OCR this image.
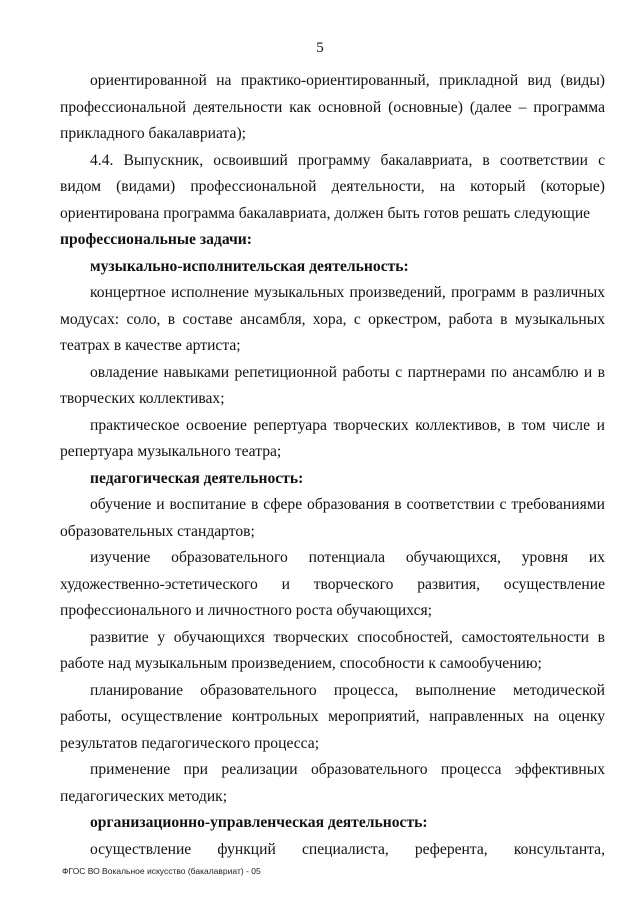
5

ориентированной на практико-ориентированный, прикладной вид (виды) профессиональной деятельности как основной (основные) (далее – программа прикладного бакалавриата);

4.4. Выпускник, освоивший программу бакалавриата, в соответствии с видом (видами) профессиональной деятельности, на который (которые) ориентирована программа бакалавриата, должен быть готов решать следующие

профессиональные задачи:

музыкально-исполнительская деятельность:

концертное исполнение музыкальных произведений, программ в различных модусах: соло, в составе ансамбля, хора, с оркестром, работа в музыкальных театрах в качестве артиста;

овладение навыками репетиционной работы с партнерами по ансамблю и в творческих коллективах;

практическое освоение репертуара творческих коллективов, в том числе и репертуара музыкального театра;

педагогическая деятельность:

обучение и воспитание в сфере образования в соответствии с требованиями образовательных стандартов;

изучение образовательного потенциала обучающихся, уровня их художественно-эстетического и творческого развития, осуществление профессионального и личностного роста обучающихся;

развитие у обучающихся творческих способностей, самостоятельности в работе над музыкальным произведением, способности к самообучению;

планирование образовательного процесса, выполнение методической работы, осуществление контрольных мероприятий, направленных на оценку результатов педагогического процесса;

применение при реализации образовательного процесса эффективных педагогических методик;

организационно-управленческая деятельность:

осуществление функций специалиста, референта, консультанта,

ФГОС ВО Вокальное искусство (бакалавриат) - 05
